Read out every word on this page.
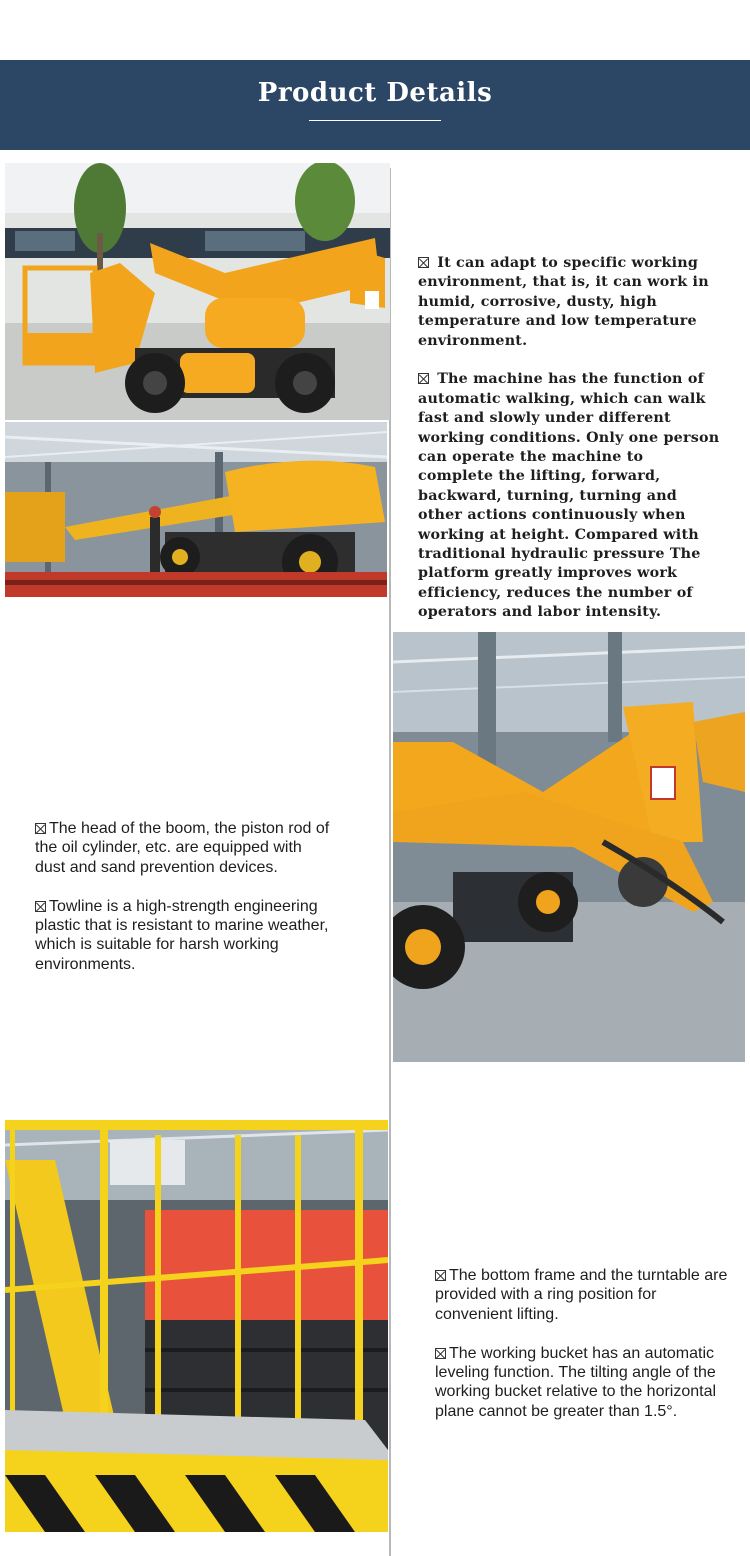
Product Details

It can adapt to specific working environment, that is, it can work in humid, corrosive, dusty, high temperature and low temperature environment.

The machine has the function of automatic walking, which can walk fast and slowly under different working conditions. Only one person can operate the machine to complete the lifting, forward, backward, turning, turning and other actions continuously when working at height. Compared with traditional hydraulic pressure The platform greatly improves work efficiency, reduces the number of operators and labor intensity.

The head of the boom, the piston rod of the oil cylinder, etc. are equipped with dust and sand prevention devices.

Towline is a high-strength engineering plastic that is resistant to marine weather, which is suitable for harsh working environments.

The bottom frame and the turntable are provided with a ring position for convenient lifting.

The working bucket has an automatic leveling function. The tilting angle of the working bucket relative to the horizontal plane cannot be greater than 1.5°.
